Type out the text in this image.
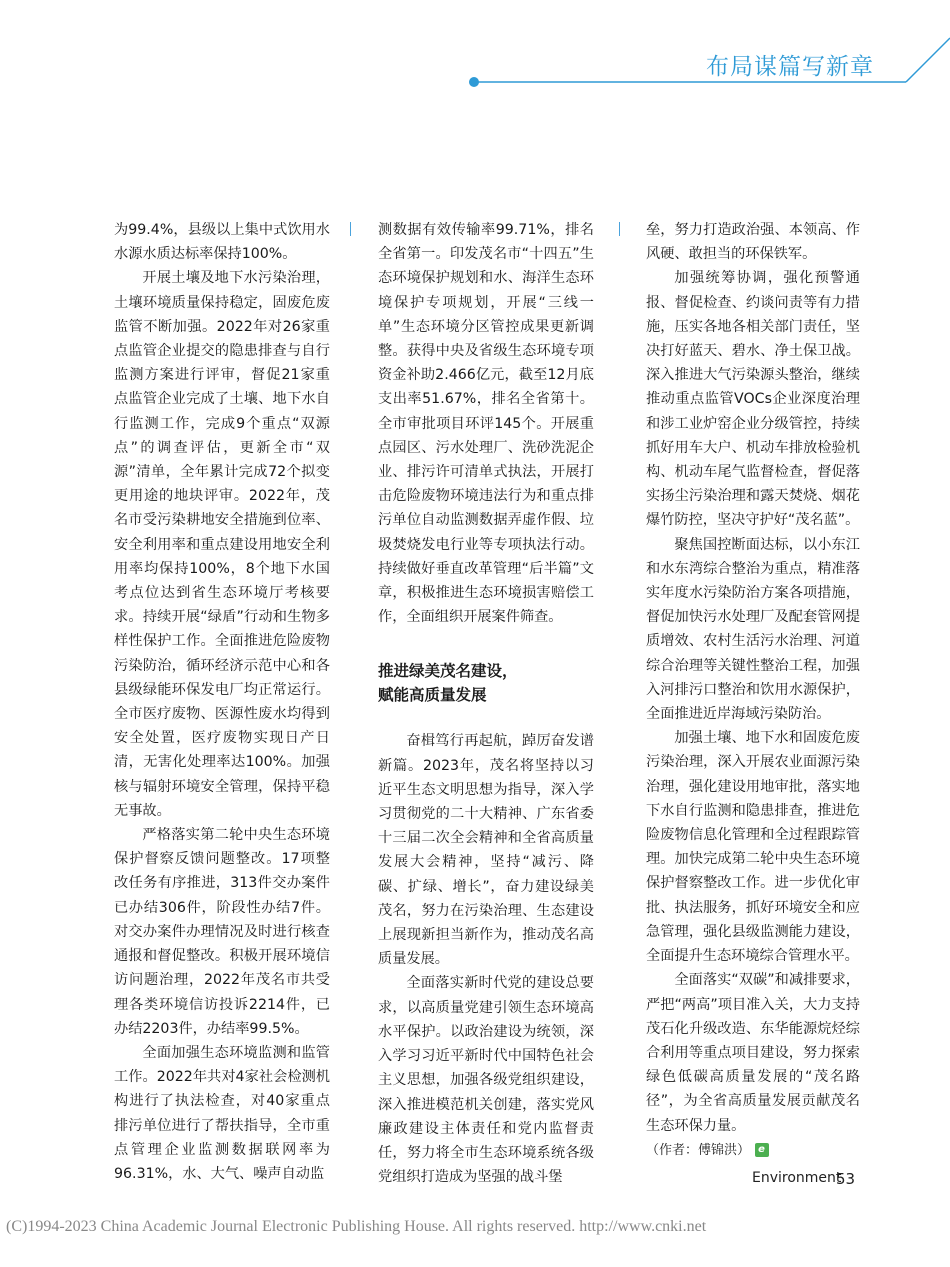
布局谋篇写新章

为99.4%，县级以上集中式饮用水水源水质达标率保持100%。

开展土壤及地下水污染治理，土壤环境质量保持稳定，固废危废监管不断加强。2022年对26家重点监管企业提交的隐患排查与自行监测方案进行评审，督促21家重点监管企业完成了土壤、地下水自行监测工作，完成9个重点“双源点”的调查评估，更新全市“双源”清单，全年累计完成72个拟变更用途的地块评审。2022年，茂名市受污染耕地安全措施到位率、安全利用率和重点建设用地安全利用率均保持100%，8个地下水国考点位达到省生态环境厅考核要求。持续开展“绿盾”行动和生物多样性保护工作。全面推进危险废物污染防治，循环经济示范中心和各县级绿能环保发电厂均正常运行。全市医疗废物、医源性废水均得到安全处置，医疗废物实现日产日清，无害化处理率达100%。加强核与辐射环境安全管理，保持平稳无事故。

严格落实第二轮中央生态环境保护督察反馈问题整改。17项整改任务有序推进，313件交办案件已办结306件，阶段性办结7件。对交办案件办理情况及时进行核查通报和督促整改。积极开展环境信访问题治理，2022年茂名市共受理各类环境信访投诉2214件，已办结2203件，办结率99.5%。

全面加强生态环境监测和监管工作。2022年共对4家社会检测机构进行了执法检查，对40家重点排污单位进行了帮扶指导，全市重点管理企业监测数据联网率为96.31%，水、大气、噪声自动监

测数据有效传输率99.71%，排名全省第一。印发茂名市“十四五”生态环境保护规划和水、海洋生态环境保护专项规划，开展“三线一单”生态环境分区管控成果更新调整。获得中央及省级生态环境专项资金补助2.466亿元，截至12月底支出率51.67%，排名全省第十。全市审批项目环评145个。开展重点园区、污水处理厂、洗砂洗泥企业、排污许可清单式执法，开展打击危险废物环境违法行为和重点排污单位自动监测数据弄虚作假、垃圾焚烧发电行业等专项执法行动。持续做好垂直改革管理“后半篇”文章，积极推进生态环境损害赔偿工作，全面组织开展案件筛查。

推进绿美茂名建设，
赋能高质量发展

奋楫笃行再起航，踔厉奋发谱新篇。2023年，茂名将坚持以习近平生态文明思想为指导，深入学习贯彻党的二十大精神、广东省委十三届二次全会精神和全省高质量发展大会精神，坚持“减污、降碳、扩绿、增长”，奋力建设绿美茂名，努力在污染治理、生态建设上展现新担当新作为，推动茂名高质量发展。

全面落实新时代党的建设总要求，以高质量党建引领生态环境高水平保护。以政治建设为统领，深入学习习近平新时代中国特色社会主义思想，加强各级党组织建设，深入推进模范机关创建，落实党风廉政建设主体责任和党内监督责任，努力将全市生态环境系统各级党组织打造成为坚强的战斗堡

垒，努力打造政治强、本领高、作风硬、敢担当的环保铁军。

加强统筹协调，强化预警通报、督促检查、约谈问责等有力措施，压实各地各相关部门责任，坚决打好蓝天、碧水、净土保卫战。深入推进大气污染源头整治，继续推动重点监管VOCs企业深度治理和涉工业炉窑企业分级管控，持续抓好用车大户、机动车排放检验机构、机动车尾气监督检查，督促落实扬尘污染治理和露天焚烧、烟花爆竹防控，坚决守护好“茂名蓝”。

聚焦国控断面达标，以小东江和水东湾综合整治为重点，精准落实年度水污染防治方案各项措施，督促加快污水处理厂及配套管网提质增效、农村生活污水治理、河道综合治理等关键性整治工程，加强入河排污口整治和饮用水源保护，全面推进近岸海域污染防治。

加强土壤、地下水和固废危废污染治理，深入开展农业面源污染治理，强化建设用地审批，落实地下水自行监测和隐患排查，推进危险废物信息化管理和全过程跟踪管理。加快完成第二轮中央生态环境保护督察整改工作。进一步优化审批、执法服务，抓好环境安全和应急管理，强化县级监测能力建设，全面提升生态环境综合管理水平。

全面落实“双碳”和减排要求，严把“两高”项目准入关，大力支持茂石化升级改造、东华能源烷烃综合利用等重点项目建设，努力探索绿色低碳高质量发展的“茂名路径”，为全省高质量发展贡献茂名生态环保力量。

（作者：傅锦洪） e

Environment
53
(C)1994-2023 China Academic Journal Electronic Publishing House. All rights reserved. http://www.cnki.net
